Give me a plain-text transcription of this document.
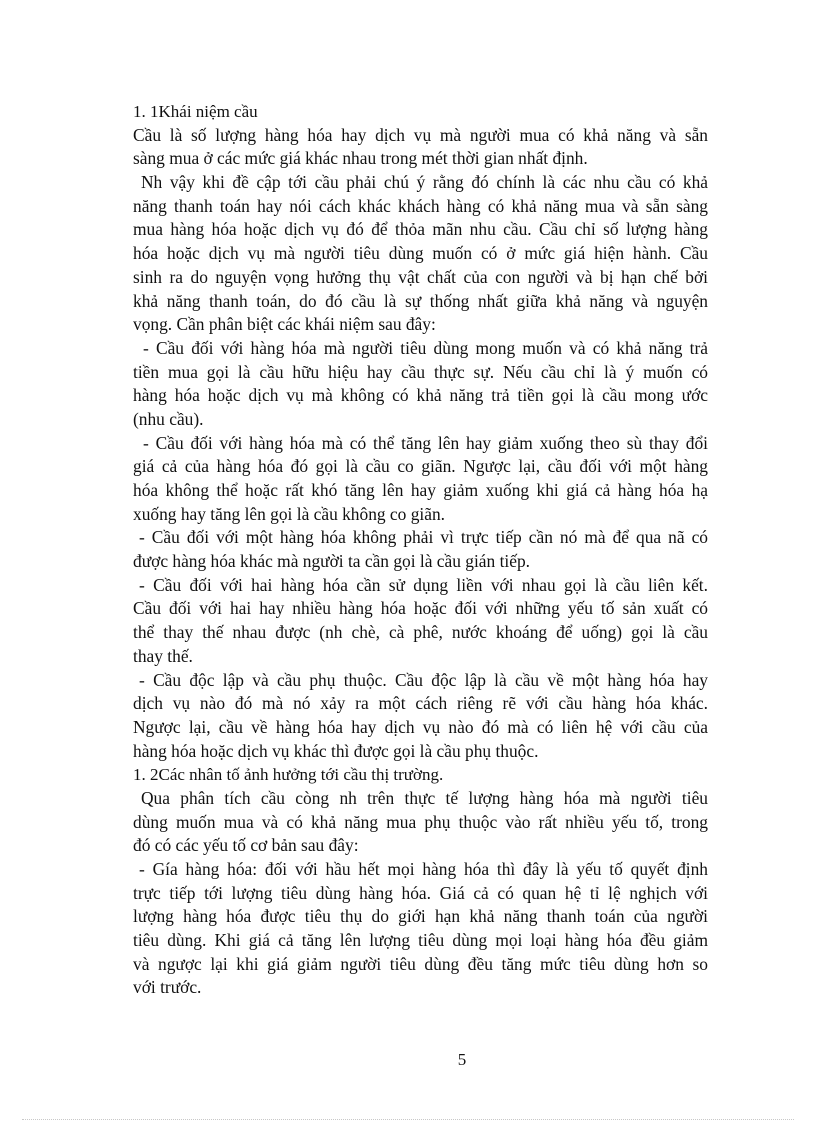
1. 1Khái niệm cầu

Cầu là số lượng hàng hóa hay dịch vụ mà người mua có khả năng và sẵn

sàng mua ở các mức giá khác nhau trong mét thời gian nhất định.

Nh vậy khi đề cập tới cầu phải chú ý rằng đó chính là các nhu cầu có khả

năng thanh toán hay nói cách khác khách hàng có khả năng mua và sẵn sàng

mua hàng hóa hoặc dịch vụ đó để thỏa mãn nhu cầu. Cầu chỉ số lượng hàng

hóa hoặc dịch vụ mà người tiêu dùng muốn có ở mức giá hiện hành. Cầu

sinh ra do nguyện vọng hưởng thụ vật chất của con người và bị hạn chế bởi

khả năng thanh toán, do đó cầu là sự thống nhất giữa khả năng và nguyện

vọng. Cần phân biệt các khái niệm sau đây:

- Cầu đối với hàng hóa mà người tiêu dùng mong muốn và có khả năng trả

tiền mua gọi là cầu hữu hiệu hay cầu thực sự. Nếu cầu chỉ là ý muốn có

hàng hóa hoặc dịch vụ mà không có khả năng trả tiền gọi là cầu mong ước

(nhu cầu).

- Cầu đối với hàng hóa mà có thể tăng lên hay giảm xuống theo sù thay đổi

giá cả của hàng hóa đó gọi là cầu co giãn. Ngược lại, cầu đối với một hàng

hóa không thể hoặc rất khó tăng lên hay giảm xuống khi giá cả hàng hóa hạ

xuống hay tăng lên gọi là cầu không co giãn.

- Cầu đối với một hàng hóa không phải vì trực tiếp cần nó mà để qua nã có

được hàng hóa khác mà người ta cần gọi là cầu gián tiếp.

- Cầu đối với hai hàng hóa cần sử dụng liền với nhau gọi là cầu liên kết.

Cầu đối với hai hay nhiều hàng hóa hoặc đối với những yếu tố sản xuất có

thể thay thế nhau được (nh chè, cà phê, nước khoáng để uống) gọi là cầu

thay thế.

- Cầu độc lập và cầu phụ thuộc. Cầu độc lập là cầu về một hàng hóa hay

dịch vụ nào đó mà nó xảy ra một cách riêng rẽ với cầu hàng hóa khác.

Ngược lại, cầu về hàng hóa hay dịch vụ nào đó mà có liên hệ với cầu của

hàng hóa hoặc dịch vụ khác thì được gọi là cầu phụ thuộc.

1. 2Các nhân tố ảnh hưởng tới cầu thị trường.

Qua phân tích cầu còng nh trên thực tế lượng hàng hóa mà người tiêu

dùng muốn mua và có khả năng mua phụ thuộc vào rất nhiều yếu tố, trong

đó có các yếu tố cơ bản sau đây:

- Gía hàng hóa: đối với hầu hết mọi hàng hóa thì đây là yếu tố quyết định

trực tiếp tới lượng tiêu dùng hàng hóa. Giá cả có quan hệ tỉ lệ nghịch với

lượng hàng hóa được tiêu thụ do giới hạn khả năng thanh toán của người

tiêu dùng. Khi giá cả tăng lên lượng tiêu dùng mọi loại hàng hóa đều giảm

và ngược lại khi giá giảm người tiêu dùng đều tăng mức tiêu dùng hơn so

với trước.

5
